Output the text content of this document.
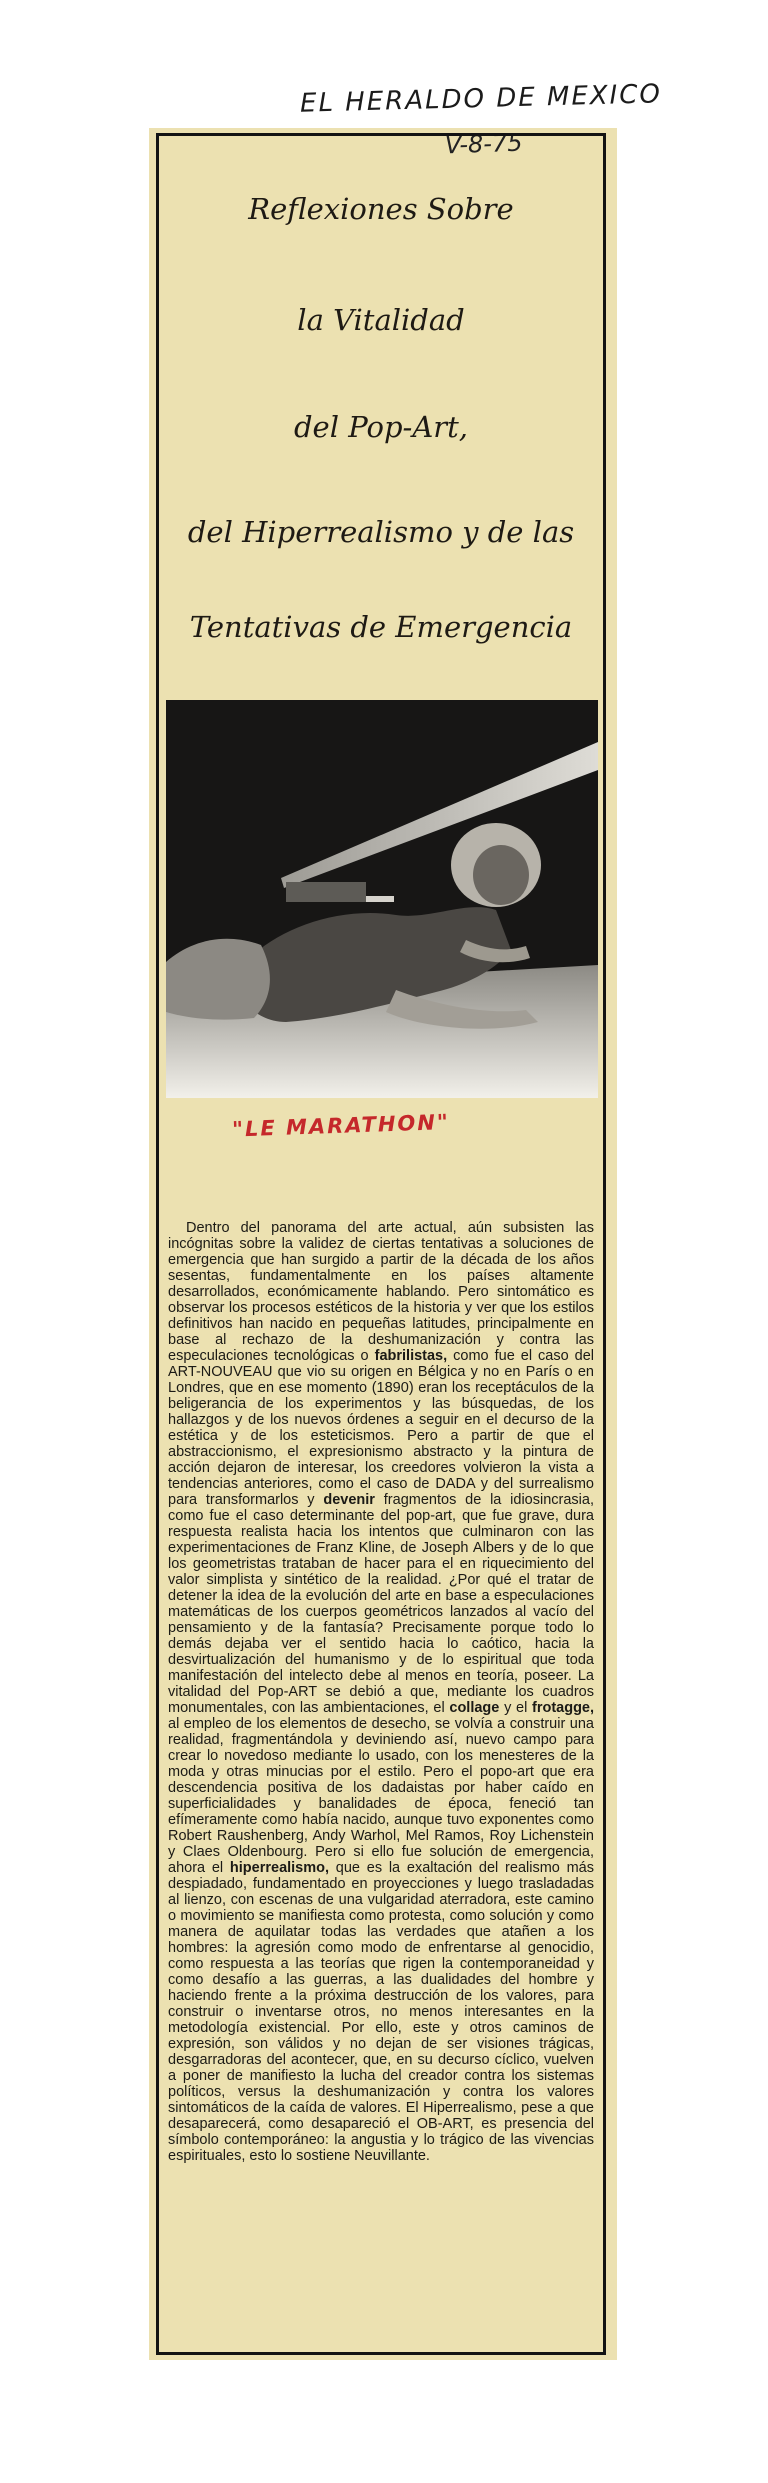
EL HERALDO DE MEXICO
V-8-75
Reflexiones Sobre
la Vitalidad
del Pop-Art,
del Hiperrealismo y de las
Tentativas de Emergencia
"LE MARATHON"

Dentro del panorama del arte actual, aún subsisten las incógnitas sobre la validez de ciertas tentativas a soluciones de emergencia que han surgido a partir de la década de los años sesentas, fundamentalmente en los países altamente desarrollados, económicamente hablando. Pero sintomático es observar los procesos estéticos de la historia y ver que los estilos definitivos han nacido en pequeñas latitudes, principalmente en base al rechazo de la deshumanización y contra las especulaciones tecnológicas o fabrilistas, como fue el caso del ART-NOUVEAU que vio su origen en Bélgica y no en París o en Londres, que en ese momento (1890) eran los receptáculos de la beligerancia de los experimentos y las búsquedas, de los hallazgos y de los nuevos órdenes a seguir en el decurso de la estética y de los esteticismos. Pero a partir de que el abstraccionismo, el expresionismo abstracto y la pintura de acción dejaron de interesar, los creedores volvieron la vista a tendencias anteriores, como el caso de DADA y del surrealismo para transformarlos y devenir fragmentos de la idiosincrasia, como fue el caso determinante del pop-art, que fue grave, dura respuesta realista hacia los intentos que culminaron con las experimentaciones de Franz Kline, de Joseph Albers y de lo que los geometristas trataban de hacer para el en riquecimiento del valor simplista y sintético de la realidad. ¿Por qué el tratar de detener la idea de la evolución del arte en base a especulaciones matemáticas de los cuerpos geométricos lanzados al vacío del pensamiento y de la fantasía? Precisamente porque todo lo demás dejaba ver el sentido hacia lo caótico, hacia la desvirtualización del humanismo y de lo espiritual que toda manifestación del intelecto debe al menos en teoría, poseer. La vitalidad del Pop-ART se debió a que, mediante los cuadros monumentales, con las ambientaciones, el collage y el frotagge, al empleo de los elementos de desecho, se volvía a construir una realidad, fragmentándola y deviniendo así, nuevo campo para crear lo novedoso mediante lo usado, con los menesteres de la moda y otras minucias por el estilo. Pero el popo-art que era descendencia positiva de los dadaistas por haber caído en superficialidades y banalidades de época, feneció tan efímeramente como había nacido, aunque tuvo exponentes como Robert Raushenberg, Andy Warhol, Mel Ramos, Roy Lichenstein y Claes Oldenbourg. Pero si ello fue solución de emergencia, ahora el hiperrealismo, que es la exaltación del realismo más despiadado, fundamentado en proyecciones y luego trasladadas al lienzo, con escenas de una vulgaridad aterradora, este camino o movimiento se manifiesta como protesta, como solución y como manera de aquilatar todas las verdades que atañen a los hombres: la agresión como modo de enfrentarse al genocidio, como respuesta a las teorías que rigen la contemporaneidad y como desafío a las guerras, a las dualidades del hombre y haciendo frente a la próxima destrucción de los valores, para construir o inventarse otros, no menos interesantes en la metodología existencial. Por ello, este y otros caminos de expresión, son válidos y no dejan de ser visiones trágicas, desgarradoras del acontecer, que, en su decurso cíclico, vuelven a poner de manifiesto la lucha del creador contra los sistemas políticos, versus la deshumanización y contra los valores sintomáticos de la caída de valores. El Hiperrealismo, pese a que desaparecerá, como desapareció el OB-ART, es presencia del símbolo contemporáneo: la angustia y lo trágico de las vivencias espirituales, esto lo sostiene Neuvillante.
